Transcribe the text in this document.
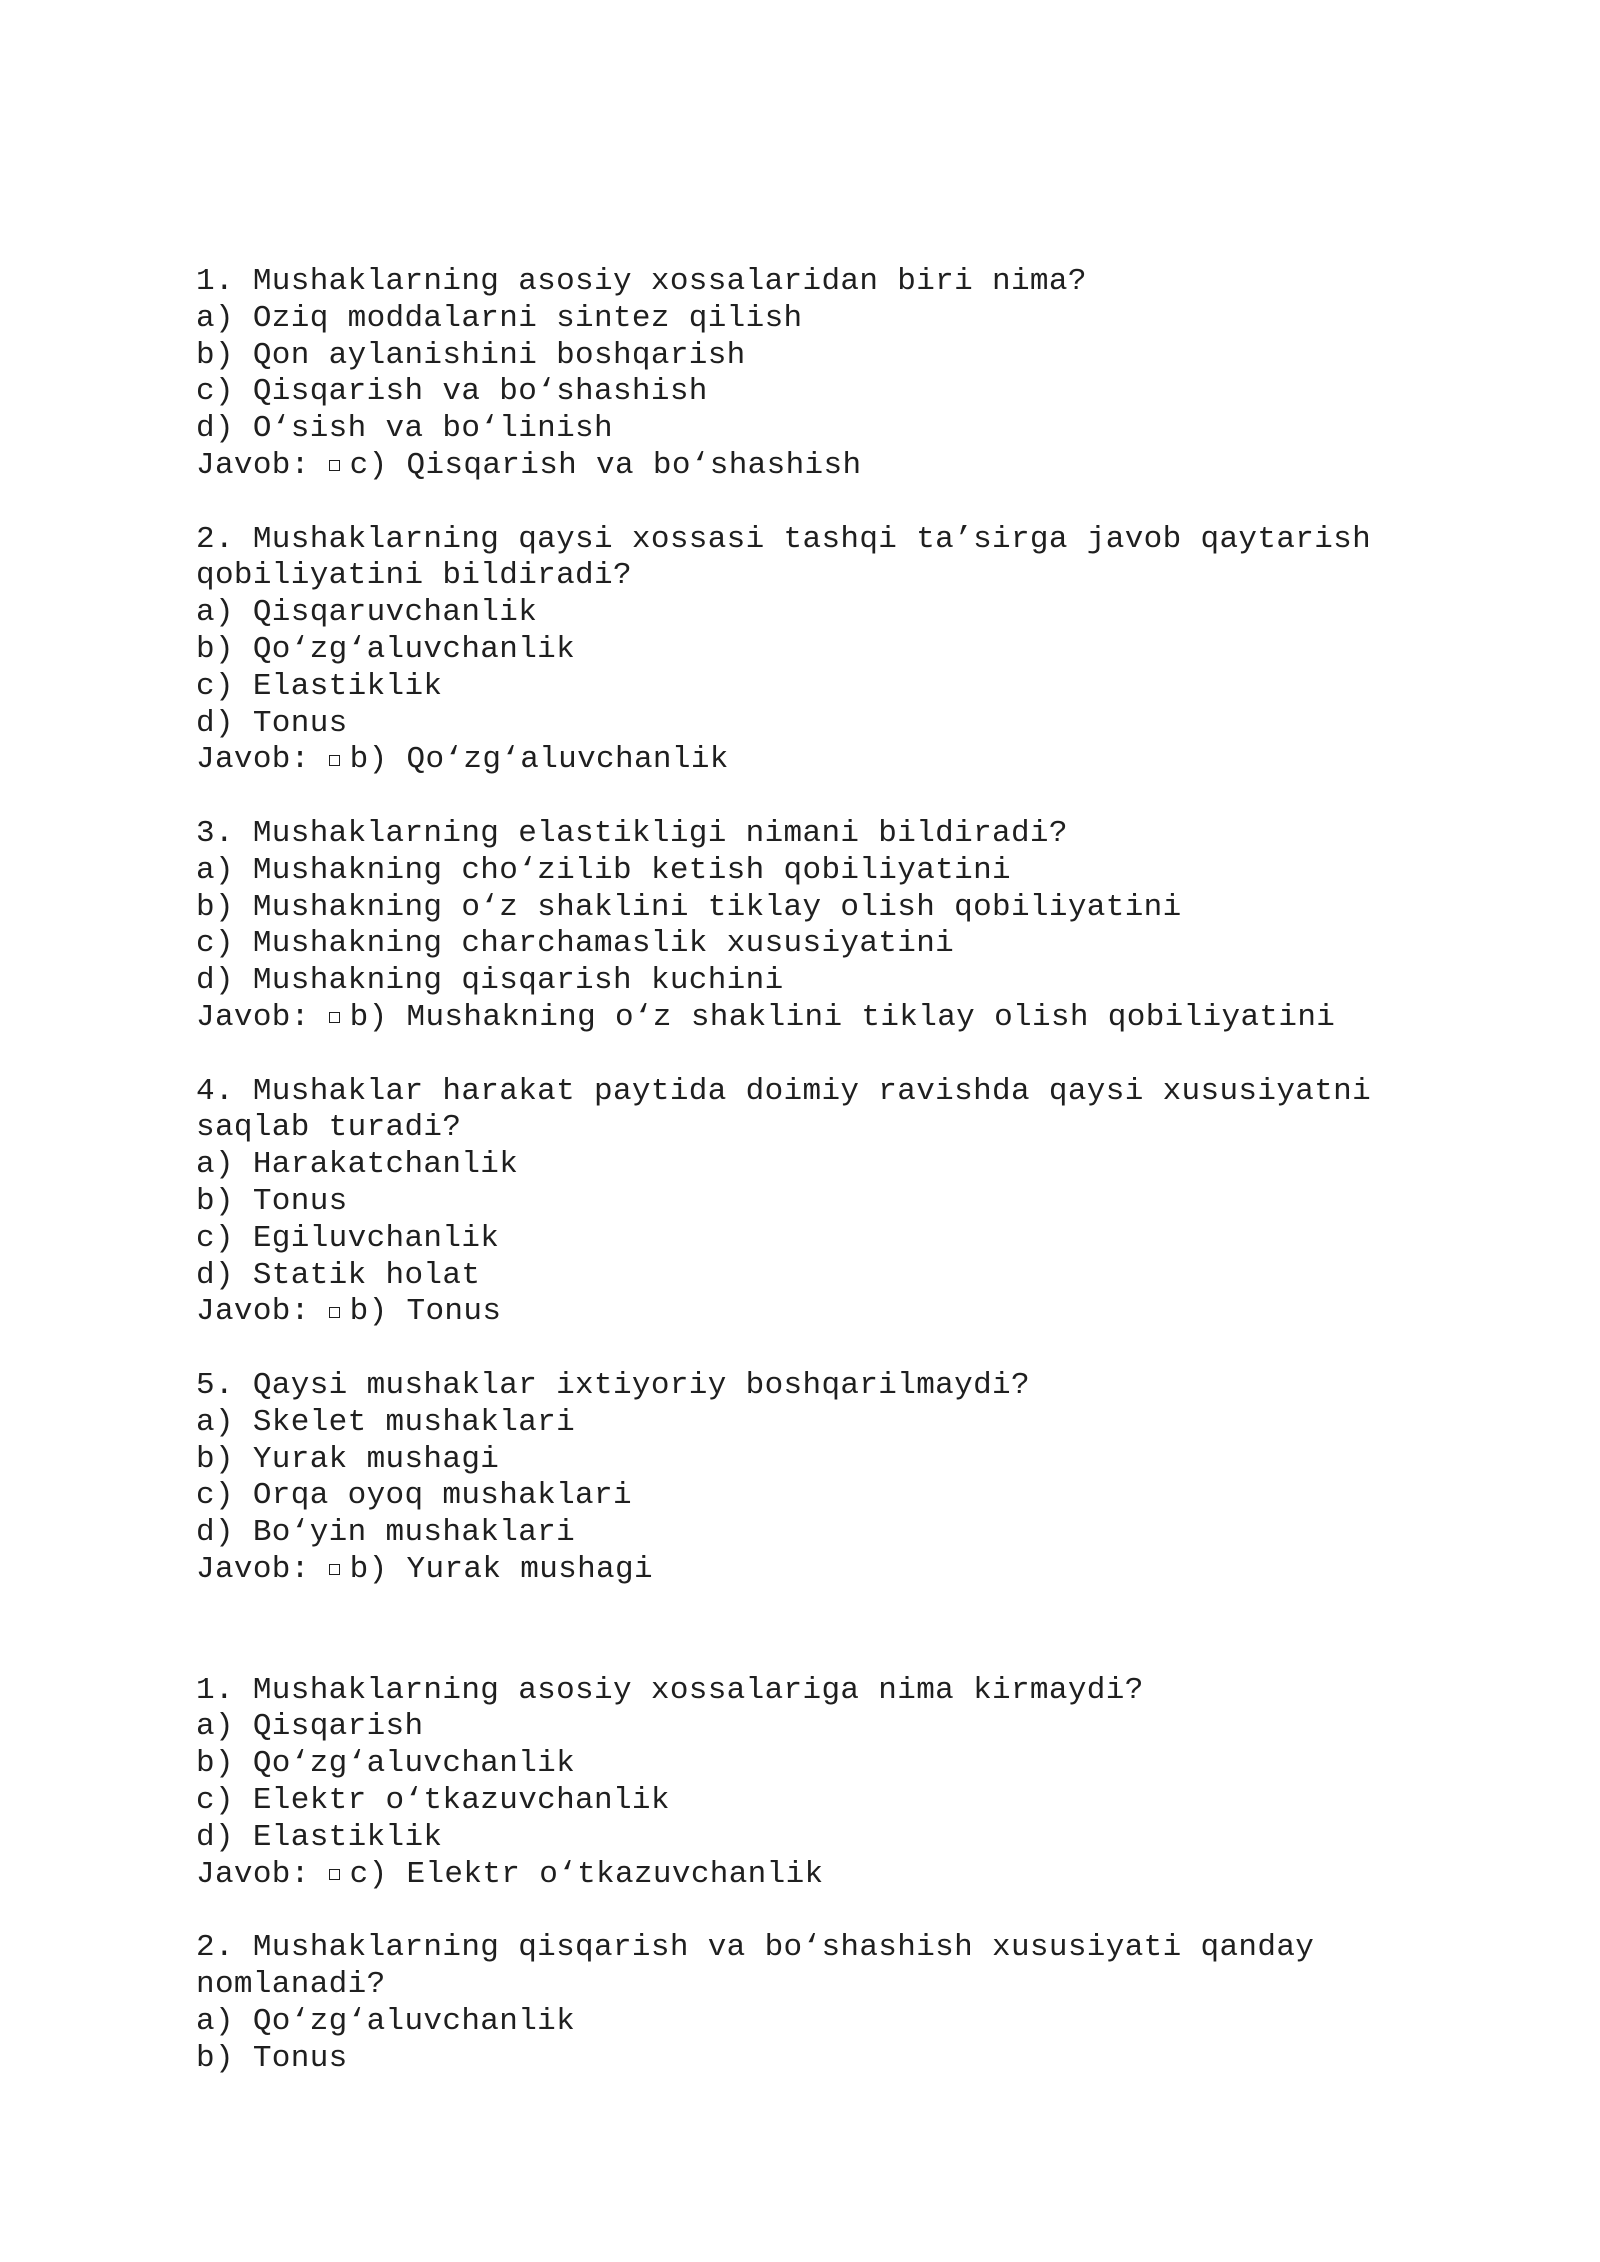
1. Mushaklarning asosiy xossalaridan biri nima?
a) Oziq moddalarni sintez qilish
b) Qon aylanishini boshqarish
c) Qisqarish va bo‘shashish
d) O‘sish va bo‘linish
Javob: c) Qisqarish va bo‘shashish
2. Mushaklarning qaysi xossasi tashqi ta’sirga javob qaytarish
qobiliyatini bildiradi?
a) Qisqaruvchanlik
b) Qo‘zg‘aluvchanlik
c) Elastiklik
d) Tonus
Javob: b) Qo‘zg‘aluvchanlik
3. Mushaklarning elastikligi nimani bildiradi?
a) Mushakning cho‘zilib ketish qobiliyatini
b) Mushakning o‘z shaklini tiklay olish qobiliyatini
c) Mushakning charchamaslik xususiyatini
d) Mushakning qisqarish kuchini
Javob: b) Mushakning o‘z shaklini tiklay olish qobiliyatini
4. Mushaklar harakat paytida doimiy ravishda qaysi xususiyatni
saqlab turadi?
a) Harakatchanlik
b) Tonus
c) Egiluvchanlik
d) Statik holat
Javob: b) Tonus
5. Qaysi mushaklar ixtiyoriy boshqarilmaydi?
a) Skelet mushaklari
b) Yurak mushagi
c) Orqa oyoq mushaklari
d) Bo‘yin mushaklari
Javob: b) Yurak mushagi
1. Mushaklarning asosiy xossalariga nima kirmaydi?
a) Qisqarish
b) Qo‘zg‘aluvchanlik
c) Elektr o‘tkazuvchanlik
d) Elastiklik
Javob: c) Elektr o‘tkazuvchanlik
2. Mushaklarning qisqarish va bo‘shashish xususiyati qanday
nomlanadi?
a) Qo‘zg‘aluvchanlik
b) Tonus
